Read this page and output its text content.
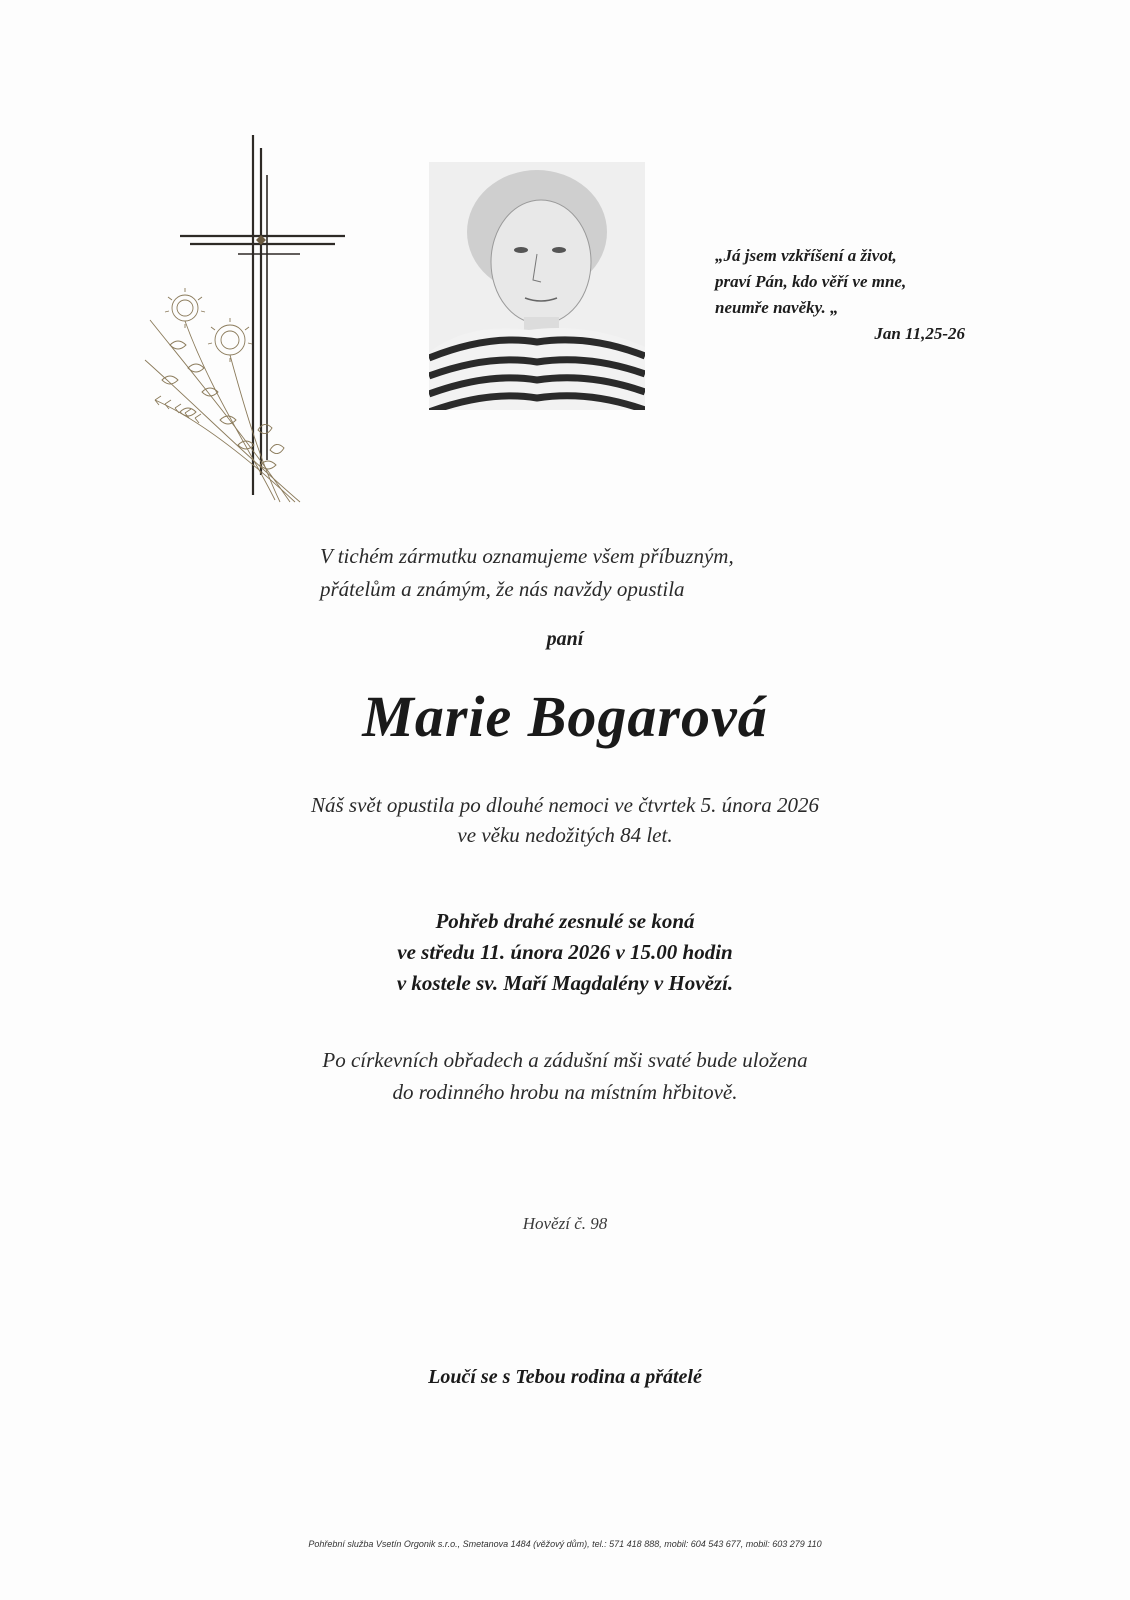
„Já jsem vzkříšení a život,
praví Pán, kdo věří ve mne,
neumře navěky. „
Jan 11,25-26
V tichém zármutku oznamujeme všem příbuzným,
přátelům a známým, že nás navždy opustila
paní
Marie Bogarová
Náš svět opustila po dlouhé nemoci ve čtvrtek 5. února 2026
ve věku nedožitých 84 let.
Pohřeb drahé zesnulé se koná
ve středu 11. února 2026 v 15.00 hodin
v kostele sv. Maří Magdalény v Hovězí.
Po církevních obřadech a zádušní mši svaté bude uložena
do rodinného hrobu na místním hřbitově.
Hovězí č. 98
Loučí se s Tebou rodina a přátelé
Pohřební služba Vsetín Orgonik s.r.o., Smetanova 1484 (věžový dům), tel.: 571 418 888, mobil: 604 543 677, mobil: 603 279 110
